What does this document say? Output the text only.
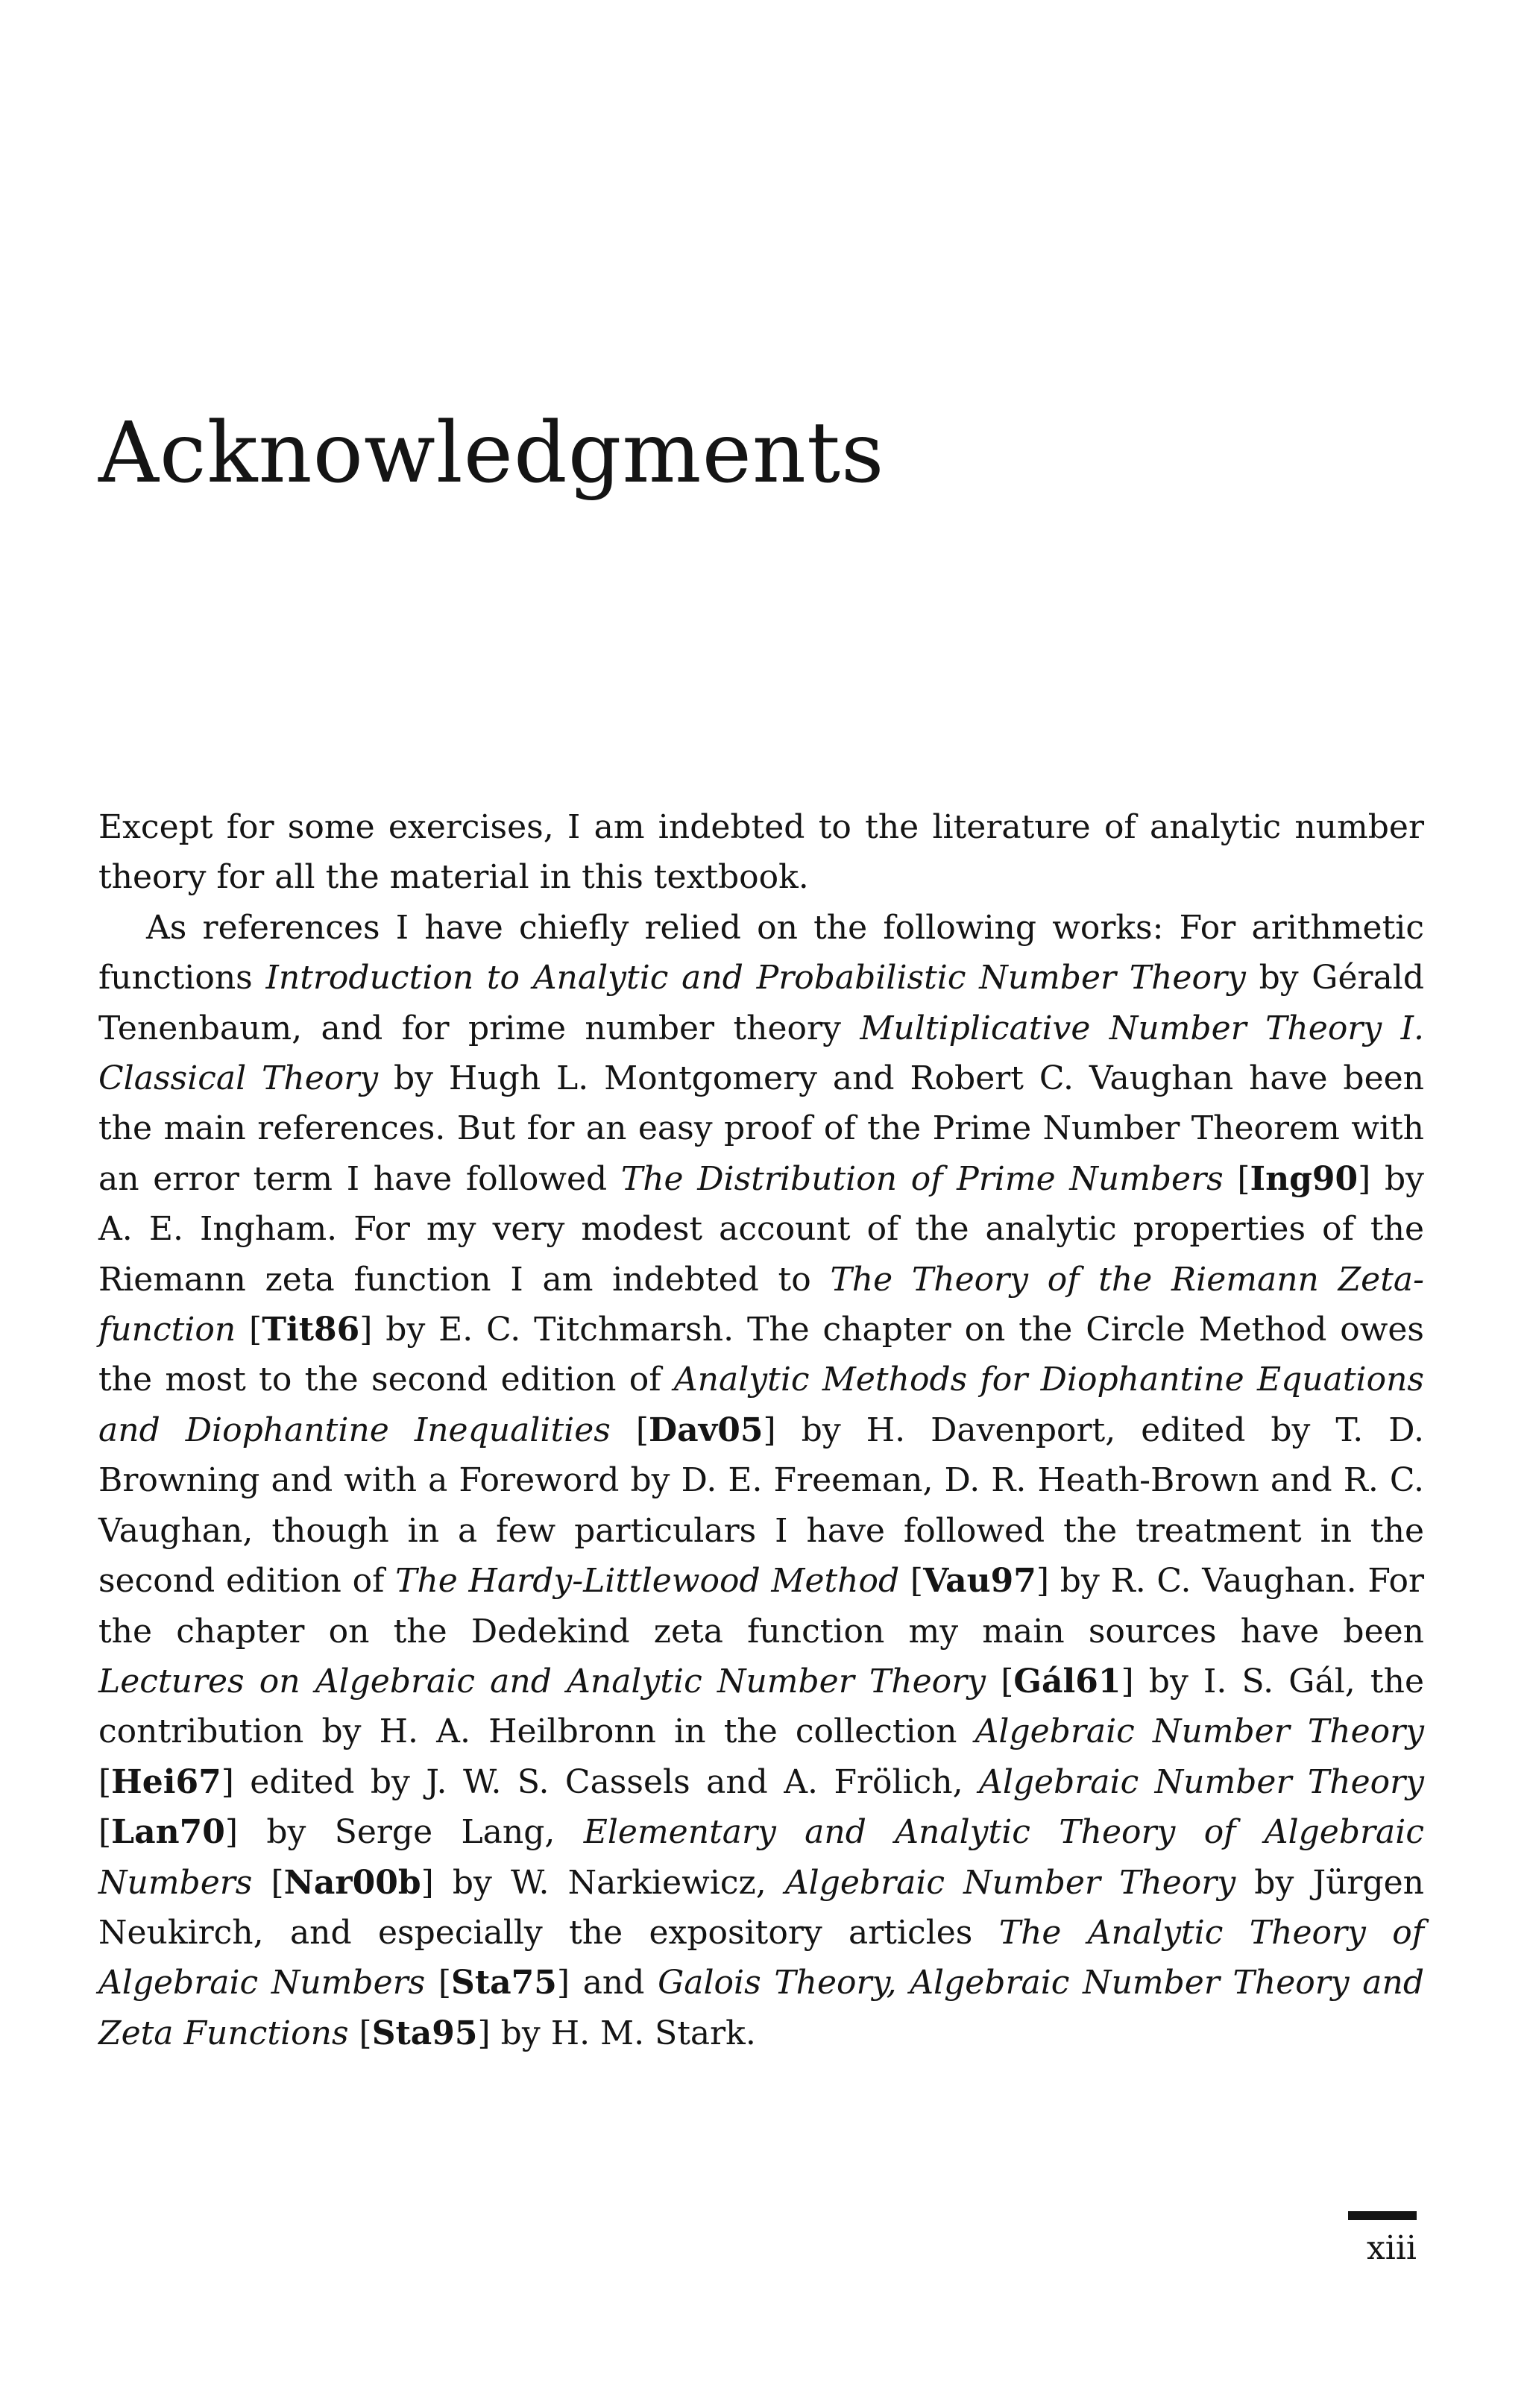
Acknowledgments

Except for some exercises, I am indebted to the literature of analytic number theory for all the material in this textbook.

As references I have chiefly relied on the following works: For arithmetic functions Introduction to Analytic and Probabilistic Number Theory by Gérald Tenenbaum, and for prime number theory Multiplicative Number Theory I. Classical Theory by Hugh L. Montgomery and Robert C. Vaughan have been the main references. But for an easy proof of the Prime Number Theorem with an error term I have followed The Distribution of Prime Numbers [Ing90] by A. E. Ingham. For my very modest account of the analytic properties of the Riemann zeta function I am indebted to The Theory of the Riemann Zeta-function [Tit86] by E. C. Titchmarsh. The chapter on the Circle Method owes the most to the second edition of Analytic Methods for Diophantine Equations and Diophantine Inequalities [Dav05] by H. Davenport, edited by T. D. Browning and with a Foreword by D. E. Freeman, D. R. Heath-Brown and R. C. Vaughan, though in a few particulars I have followed the treatment in the second edition of The Hardy-Littlewood Method [Vau97] by R. C. Vaughan. For the chapter on the Dedekind zeta function my main sources have been Lectures on Algebraic and Analytic Number Theory [Gál61] by I. S. Gál, the contribution by H. A. Heilbronn in the collection Algebraic Number Theory [Hei67] edited by J. W. S. Cassels and A. Frölich, Algebraic Number Theory [Lan70] by Serge Lang, Elementary and Analytic Theory of Algebraic Numbers [Nar00b] by W. Narkiewicz, Algebraic Number Theory by Jürgen Neukirch, and especially the expository articles The Analytic Theory of Algebraic Numbers [Sta75] and Galois Theory, Algebraic Number Theory and Zeta Functions [Sta95] by H. M. Stark.

xiii
